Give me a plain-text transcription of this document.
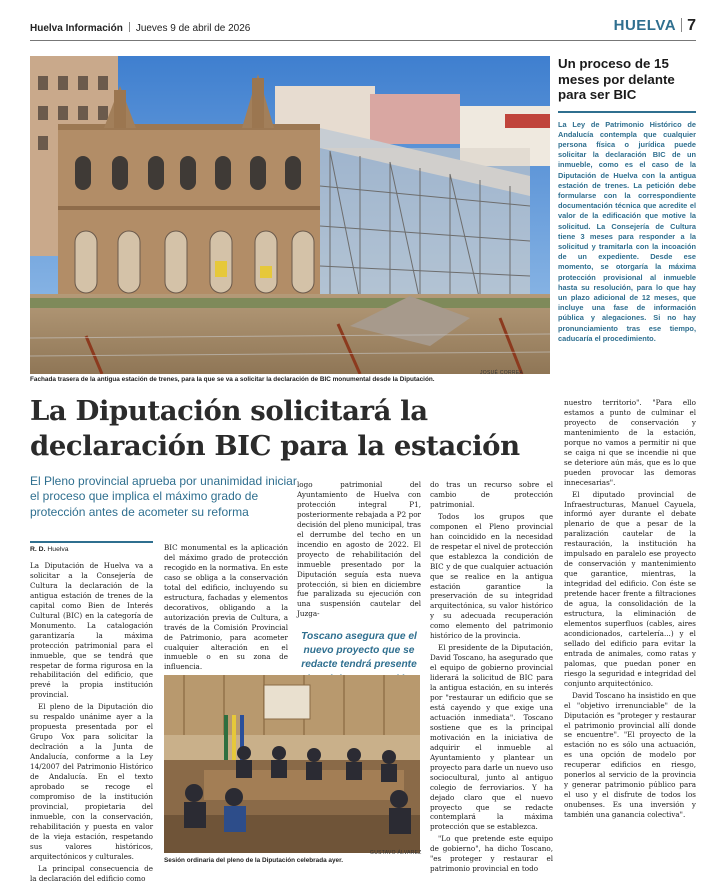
Huelva Información Jueves 9 de abril de 2026	HUELVA 7
JOSUÉ CORREA
Fachada trasera de la antigua estación de trenes, para la que se va a solicitar la declaración de BIC monumental desde la Diputación.
Un proceso de 15 meses por delante para ser BIC
La Ley de Patrimonio Histórico de Andalucía contempla que cualquier persona física o jurídica puede solicitar la declaración BIC de un inmueble, como es el caso de la Diputación de Huelva con la antigua estación de trenes. La petición debe formularse con la correspondiente documentación técnica que acredite el valor de la edificación que motive la solicitud. La Consejería de Cultura tiene 3 meses para responder a la solicitud y tramitarla con la incoación de un expediente. Desde ese momento, se otorgaría la máxima protección provisional al inmueble hasta su resolución, para lo que hay un plazo adicional de 12 meses, que incluye una fase de información pública y alegaciones. Si no hay pronunciamiento tras ese tiempo, caducaría el procedimiento.
La Diputación solicitará la declaración BIC para la estación
El Pleno provincial aprueba por unanimidad iniciar el proceso que implica el máximo grado de protección antes de acometer su reforma
R. D. Huelva

La Diputación de Huelva va a solicitar a la Consejería de Cultura la declaración de la antigua estación de trenes de la capital como Bien de Interés Cultural (BIC) en la categoría de Monumento. La catalogación garantizaría la máxima protección patrimonial para el inmueble, que se tendrá que respetar de forma rigurosa en la rehabilitación del edificio, que prevé la propia institución provincial.

El pleno de la Diputación dio su respaldo unánime ayer a la propuesta presentada por el Grupo Vox para solicitar la declración a la Junta de Andalucía, conforme a la Ley 14/2007 del Patrimonio Histórico de Andalucía. En el texto aprobado se recoge el compromiso de la institución provincial, propietaria del inmueble, con la conservación, rehabilitación y puesta en valor de la vieja estación, respetando sus valores históricos, arquitectónicos y culturales.

La principal consecuencia de la declaración del edificio como

BIC monumental es la aplicación del máximo grado de protección recogido en la normativa. En este caso se obliga a la conservación total del edificio, incluyendo su estructura, fachadas y elementos decorativos, obligando a la autorización previa de Cultura, a través de la Comisión Provincial de Patrimonio, para acometer cualquier alteración en el inmueble o en su zona de influencia.

logo patrimonial del Ayuntamiento de Huelva con protección integral P1, posteriormente rebajada a P2 por decisión del pleno municipal, tras el derrumbe del techo en un incendio en agosto de 2022. El proyecto de rehabilitación del inmueble presentado por la Diputación seguía esta nueva protección, si bien en diciembre fue paralizada su ejecución con una suspensión cautelar del Juzga-

Toscano asegura que el nuevo proyecto que se redacte tendrá presente

do tras un recurso sobre el cambio de protección patrimonial.

Todos los grupos que componen el Pleno provincial han coincidido en la necesidad de respetar el nivel de protección que establezca la condición de BIC y de que cualquier actuación que se realice en la antigua estación garantice la preservación de su integridad arquitectónica, su valor histórico y su adecuada recuperación como elemento del patrimonio histórico de la provincia.

El presidente de la Diputación, David Toscano, ha asegurado que el equipo de gobierno provincial liderará la solicitud de BIC para la antigua estación, en su interés por "restaurar un edificio que se está cayendo y que exige una actuación inmediata". Toscano sostiene que es la principal motivación en la iniciativa de adquirir el inmueble al Ayuntamiento y plantear un proyecto para darle un nuevo uso sociocultural, junto al antiguo colegio de ferroviarios. Y ha dejado claro que el nuevo proyecto que se redacte contemplará la máxima protección que se establezca.

"Lo que pretende este equipo de gobierno", ha dicho Toscano, "es proteger y restaurar el patrimonio provincial en todo

nuestro territorio". "Para ello estamos a punto de culminar el proyecto de conservación y mantenimiento de la estación, porque no vamos a permitir ni que se caiga ni que se incendie ni que se deteriore aún más, que es lo que pueden provocar las demoras innecesarias".

El diputado provincial de Infraestructuras, Manuel Cayuela, informó ayer durante el debate plenario de que a pesar de la paralización cautelar de la restauración, la institución ha impulsado en paralelo ese proyecto de conservación y mantenimiento que garantice, mientras, la integridad del edificio. Con éste se pretende hacer frente a filtraciones de agua, la consolidación de la estructura, la eliminación de elementos superfluos (cables, aires acondicionados, cartelería...) y el sellado del edificio para evitar la entrada de animales, como ratas y palomas, que puedan poner en riesgo la seguridad e integridad del conjunto arquitectónico.

David Toscano ha insistido en que el "objetivo irrenunciable" de la Diputación es "proteger y restaurar el patrimonio provincial allí donde se encuentre". "El proyecto de la estación no es sólo una actuación, es una opción de modelo por recuperar edificios en riesgo, ponerlos al servicio de la provincia y generar patrimonio público para el uso y el disfrute de todos los onubenses. Es una inversión y también una ganancia colectiva".

GUSTAVO ÁLVAREZ
Sesión ordinaria del pleno de la Diputación celebrada ayer.
